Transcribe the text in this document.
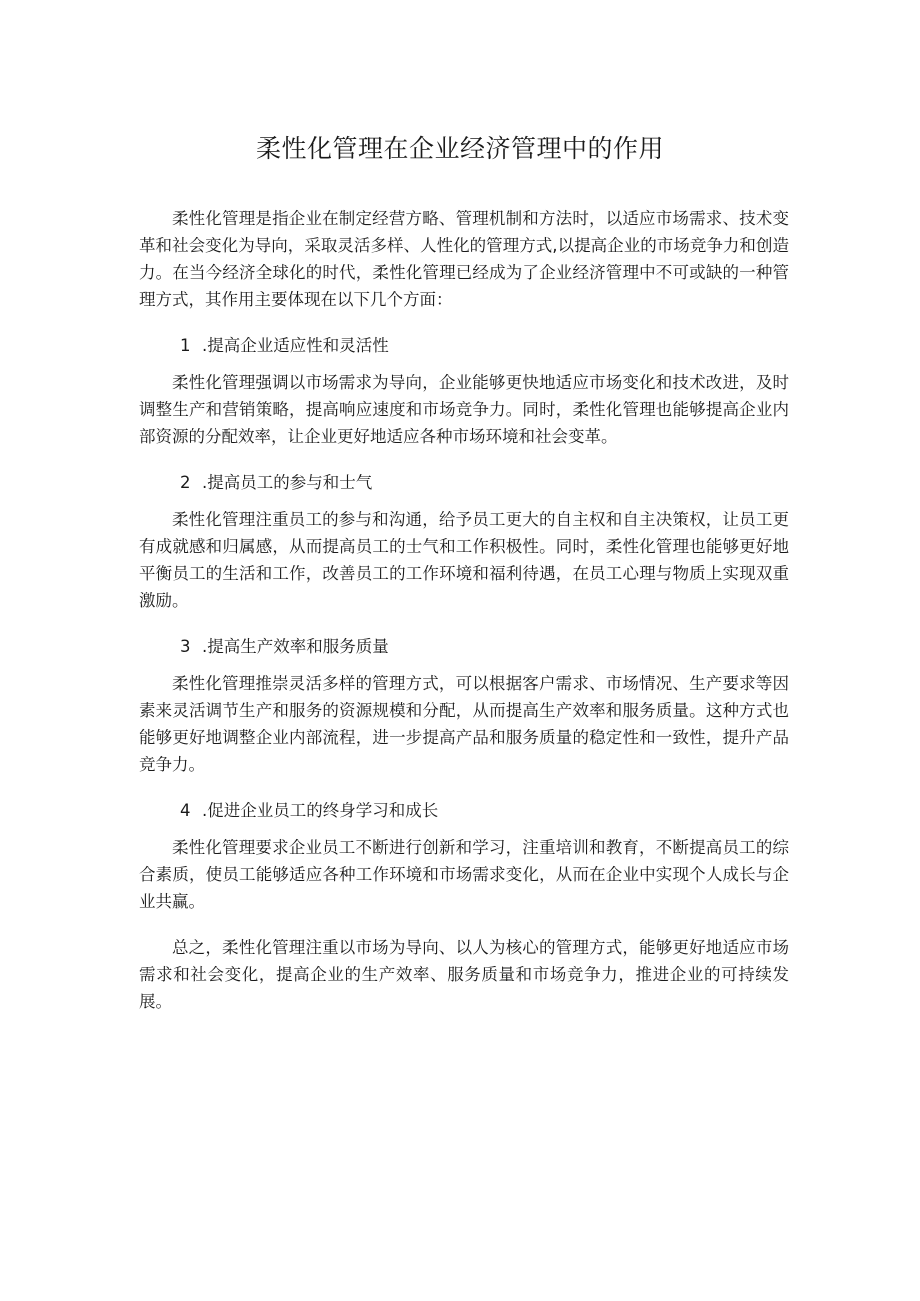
柔性化管理在企业经济管理中的作用

柔性化管理是指企业在制定经营方略、管理机制和方法时，以适应市场需求、技术变革和社会变化为导向，采取灵活多样、人性化的管理方式,以提高企业的市场竞争力和创造力。在当今经济全球化的时代，柔性化管理已经成为了企业经济管理中不可或缺的一种管理方式，其作用主要体现在以下几个方面：

1 .提高企业适应性和灵活性

柔性化管理强调以市场需求为导向，企业能够更快地适应市场变化和技术改进，及时调整生产和营销策略，提高响应速度和市场竞争力。同时，柔性化管理也能够提高企业内部资源的分配效率，让企业更好地适应各种市场环境和社会变革。

2 .提高员工的参与和士气

柔性化管理注重员工的参与和沟通，给予员工更大的自主权和自主决策权，让员工更有成就感和归属感，从而提高员工的士气和工作积极性。同时，柔性化管理也能够更好地平衡员工的生活和工作，改善员工的工作环境和福利待遇，在员工心理与物质上实现双重激励。

3 .提高生产效率和服务质量

柔性化管理推崇灵活多样的管理方式，可以根据客户需求、市场情况、生产要求等因素来灵活调节生产和服务的资源规模和分配，从而提高生产效率和服务质量。这种方式也能够更好地调整企业内部流程，进一步提高产品和服务质量的稳定性和一致性，提升产品竞争力。

4 .促进企业员工的终身学习和成长

柔性化管理要求企业员工不断进行创新和学习，注重培训和教育，不断提高员工的综合素质，使员工能够适应各种工作环境和市场需求变化，从而在企业中实现个人成长与企业共赢。

总之，柔性化管理注重以市场为导向、以人为核心的管理方式，能够更好地适应市场需求和社会变化，提高企业的生产效率、服务质量和市场竞争力，推进企业的可持续发展。
